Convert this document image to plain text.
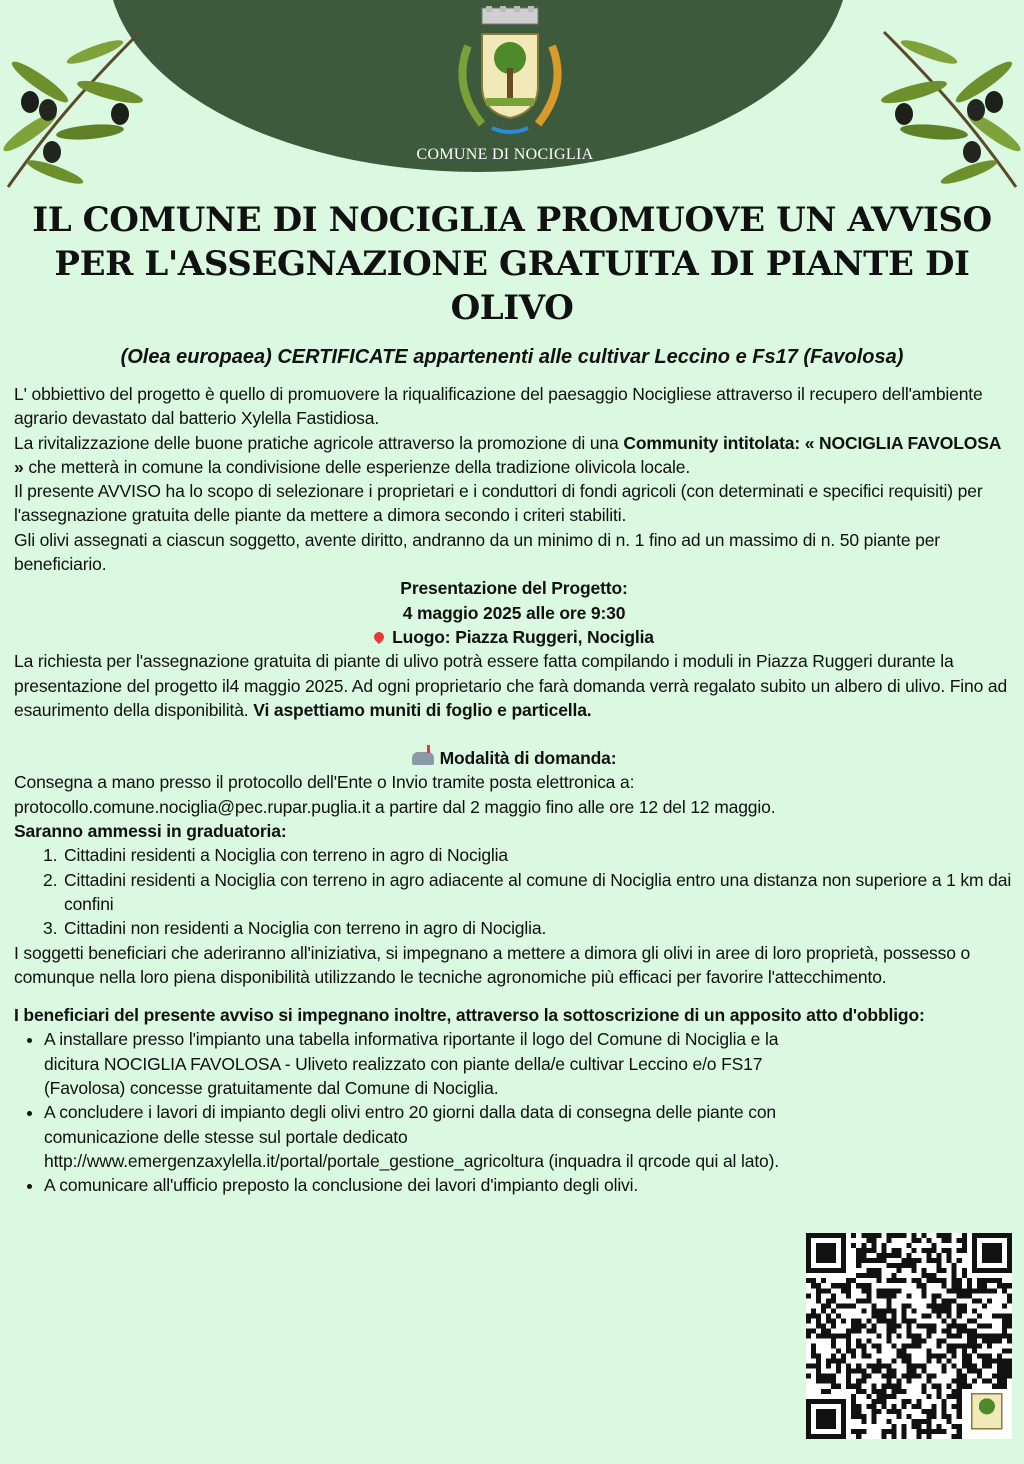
COMUNE DI NOCIGLIA
IL COMUNE DI NOCIGLIA PROMUOVE UN AVVISO PER L'ASSEGNAZIONE GRATUITA DI PIANTE DI OLIVO

(Olea europaea) CERTIFICATE appartenenti alle cultivar Leccino e Fs17 (Favolosa)

L' obbiettivo del progetto è quello di promuovere la riqualificazione del paesaggio Nocigliese attraverso il recupero dell'ambiente agrario devastato dal batterio Xylella Fastidiosa.

La rivitalizzazione delle buone pratiche agricole attraverso la promozione di una Community intitolata: « NOCIGLIA FAVOLOSA » che metterà in comune la condivisione delle esperienze della tradizione olivicola locale.

Il presente AVVISO ha lo scopo di selezionare i proprietari e i conduttori di fondi agricoli (con determinati e specifici requisiti) per l'assegnazione gratuita delle piante da mettere a dimora secondo i criteri stabiliti.

Gli olivi assegnati a ciascun soggetto, avente diritto, andranno da un minimo di n. 1 fino ad un massimo di n. 50 piante per beneficiario.

Presentazione del Progetto:

4 maggio 2025 alle ore 9:30

Luogo: Piazza Ruggeri, Nociglia

La richiesta per l'assegnazione gratuita di piante di ulivo potrà essere fatta compilando i moduli in Piazza Ruggeri durante la presentazione del progetto il4 maggio 2025. Ad ogni proprietario che farà domanda verrà regalato subito un albero di ulivo. Fino ad esaurimento della disponibilità. Vi aspettiamo muniti di foglio e particella.

Modalità di domanda:

Consegna a mano presso il protocollo dell'Ente o Invio tramite posta elettronica a:

protocollo.comune.nociglia@pec.rupar.puglia.it a partire dal 2 maggio fino alle ore 12 del 12 maggio.

Saranno ammessi in graduatoria:

1. Cittadini residenti a Nociglia con terreno in agro di Nociglia
2. Cittadini residenti a Nociglia con terreno in agro adiacente al comune di Nociglia entro una distanza non superiore a 1 km dai confini
3. Cittadini non residenti a Nociglia con terreno in agro di Nociglia.

I soggetti beneficiari che aderiranno all'iniziativa, si impegnano a mettere a dimora gli olivi in aree di loro proprietà, possesso o comunque nella loro piena disponibilità utilizzando le tecniche agronomiche più efficaci per favorire l'attecchimento.

I beneficiari del presente avviso si impegnano inoltre, attraverso la sottoscrizione di un apposito atto d'obbligo:

• A installare presso l'impianto una tabella informativa riportante il logo del Comune di Nociglia e la dicitura NOCIGLIA FAVOLOSA - Uliveto realizzato con piante della/e cultivar Leccino e/o FS17 (Favolosa) concesse gratuitamente dal Comune di Nociglia.
• A concludere i lavori di impianto degli olivi entro 20 giorni dalla data di consegna delle piante con comunicazione delle stesse sul portale dedicato http://www.emergenzaxylella.it/portal/portale_gestione_agricoltura (inquadra il qrcode qui al lato).
• A comunicare all'ufficio preposto la conclusione dei lavori d'impianto degli olivi.
